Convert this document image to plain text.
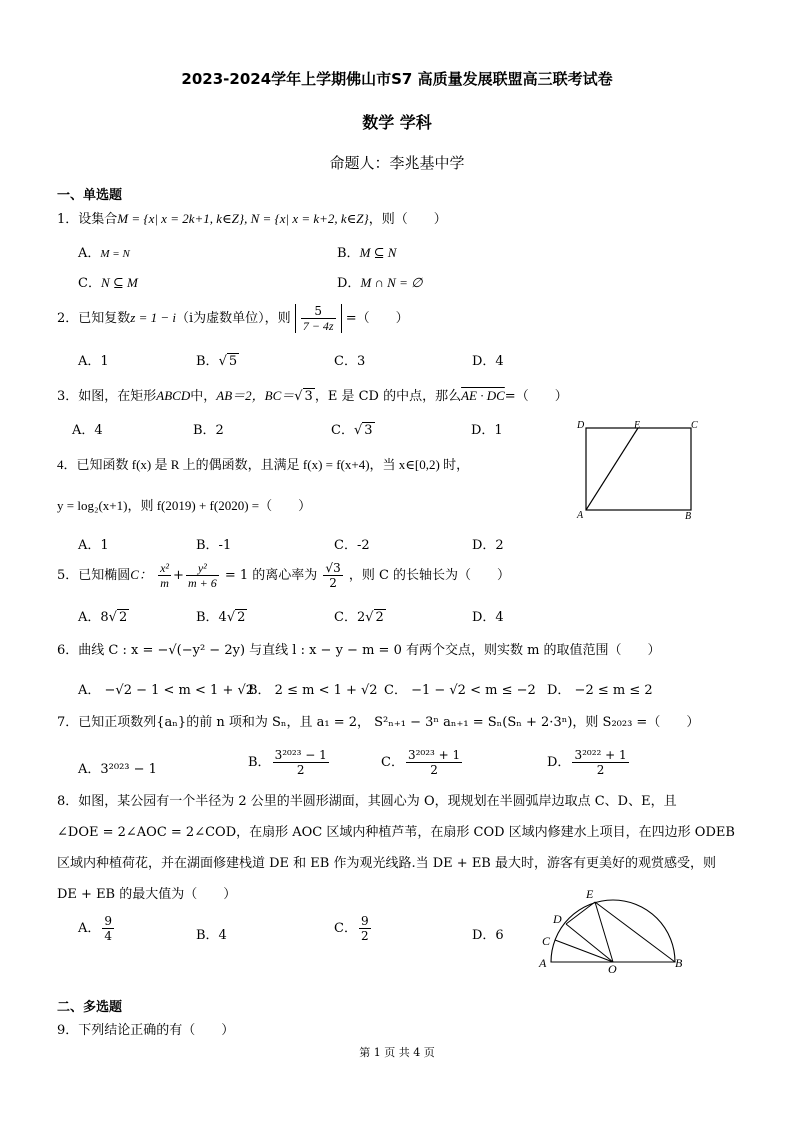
2023-2024学年上学期佛山市S7 高质量发展联盟高三联考试卷
数学 学科
命题人：李兆基中学
一、单选题
1．设集合M = {x| x = 2k+1, k∈Z}, N = {x| x = k+2, k∈Z}，则（　　）
A．M = N	B．M ⊆ N
C．N ⊆ M	D．M ∩ N = ∅
2．已知复数z = 1 − i（i为虚数单位），则 $\frac{5}{7 - 4z}$ =（　　）
A．1	B．√ 5	C．3	D．4
3．如图，在矩形ABCD中，AB＝2，BC＝√ 3 ，E 是 CD 的中点，那么AE · DC=（　　）
A．4	B．2	C．√ 3	D．1	D	E	C
A	B
4．已知函数 f(x) 是 R 上的偶函数，且满足 f(x) = f(x+4)，当 x∈[0,2) 时，
y = log₂(x+1)，则 f(2019) + f(2020) =（　　）
A．1	B．-1	C．-2	D．2
5．已知椭圆C： $\frac{\text{x²}}{m} + \frac{\text{y²}}{m + 6} = 1$ 的离心率为 $\frac{√3}{2}$ ，则 C 的长轴长为（　　）
A．8√ 2	B．4√ 2	C．2√ 2	D．4
6．曲线 C : x = −√(−y² − 2y) 与直线 l : x − y − m = 0 有两个交点，则实数 m 的取值范围（　　）
A． −√2 − 1 < m < 1 + √2
B． 2 ≤ m < 1 + √2 C． −1 − √2 < m ≤ −2 D． −2 ≤ m ≤ 2
7．已知正项数列{aₙ}的前 n 项和为 Sₙ，且 a₁ = 2， S²ₙ₊₁ − 3ⁿ aₙ₊₁ = Sₙ(Sₙ + 2·3ⁿ)，则 S₂₀₂₃ =（　　）
A．3²⁰²³ − 1	B． $\frac{\text{3²⁰²³ − 1}}{2}$	C． $\frac{\text{3²⁰²³ + 1}}{2}$	D． $\frac{\text{3²⁰²² + 1}}{2}$
8．如图，某公园有一个半径为 2 公里的半圆形湖面，其圆心为 O，现规划在半圆弧岸边取点 C、D、E，且
∠DOE = 2∠AOC = 2∠COD，在扇形 AOC 区域内种植芦苇，在扇形 COD 区域内修建水上项目，在四边形 ODEB
区域内种植荷花，并在湖面修建栈道 DE 和 EB 作为观光线路.当 DE + EB 最大时，游客有更美好的观赏感受，则
DE + EB 的最大值为（　　）
A． $\frac{9}{4}$	B．4	C． $\frac{9}{2}$	D．6
E
D
C
A	O	B
二、多选题
9．下列结论正确的有（　　）
第 1 页 共 4 页
